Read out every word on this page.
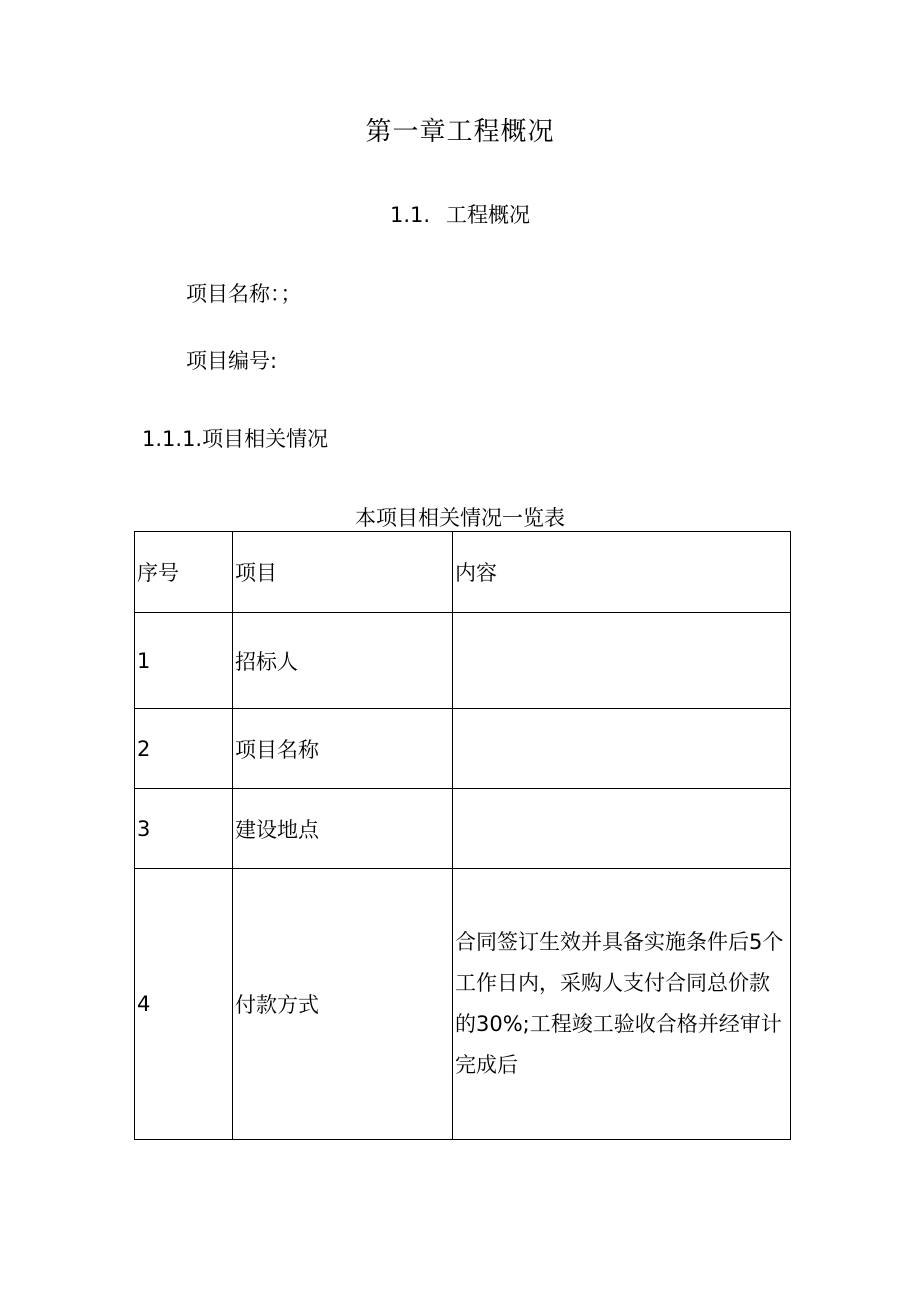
第一章工程概况
1.1. 工程概况
项目名称：；
项目编号:
1.1.1.项目相关情况
本项目相关情况一览表
序号	项目	内容
1	招标人	
2	项目名称	
3	建设地点	
4	付款方式	合同签订生效并具备实施条件后5个工作日内，采购人支付合同总价款的30%;工程竣工验收合格并经审计完成后
